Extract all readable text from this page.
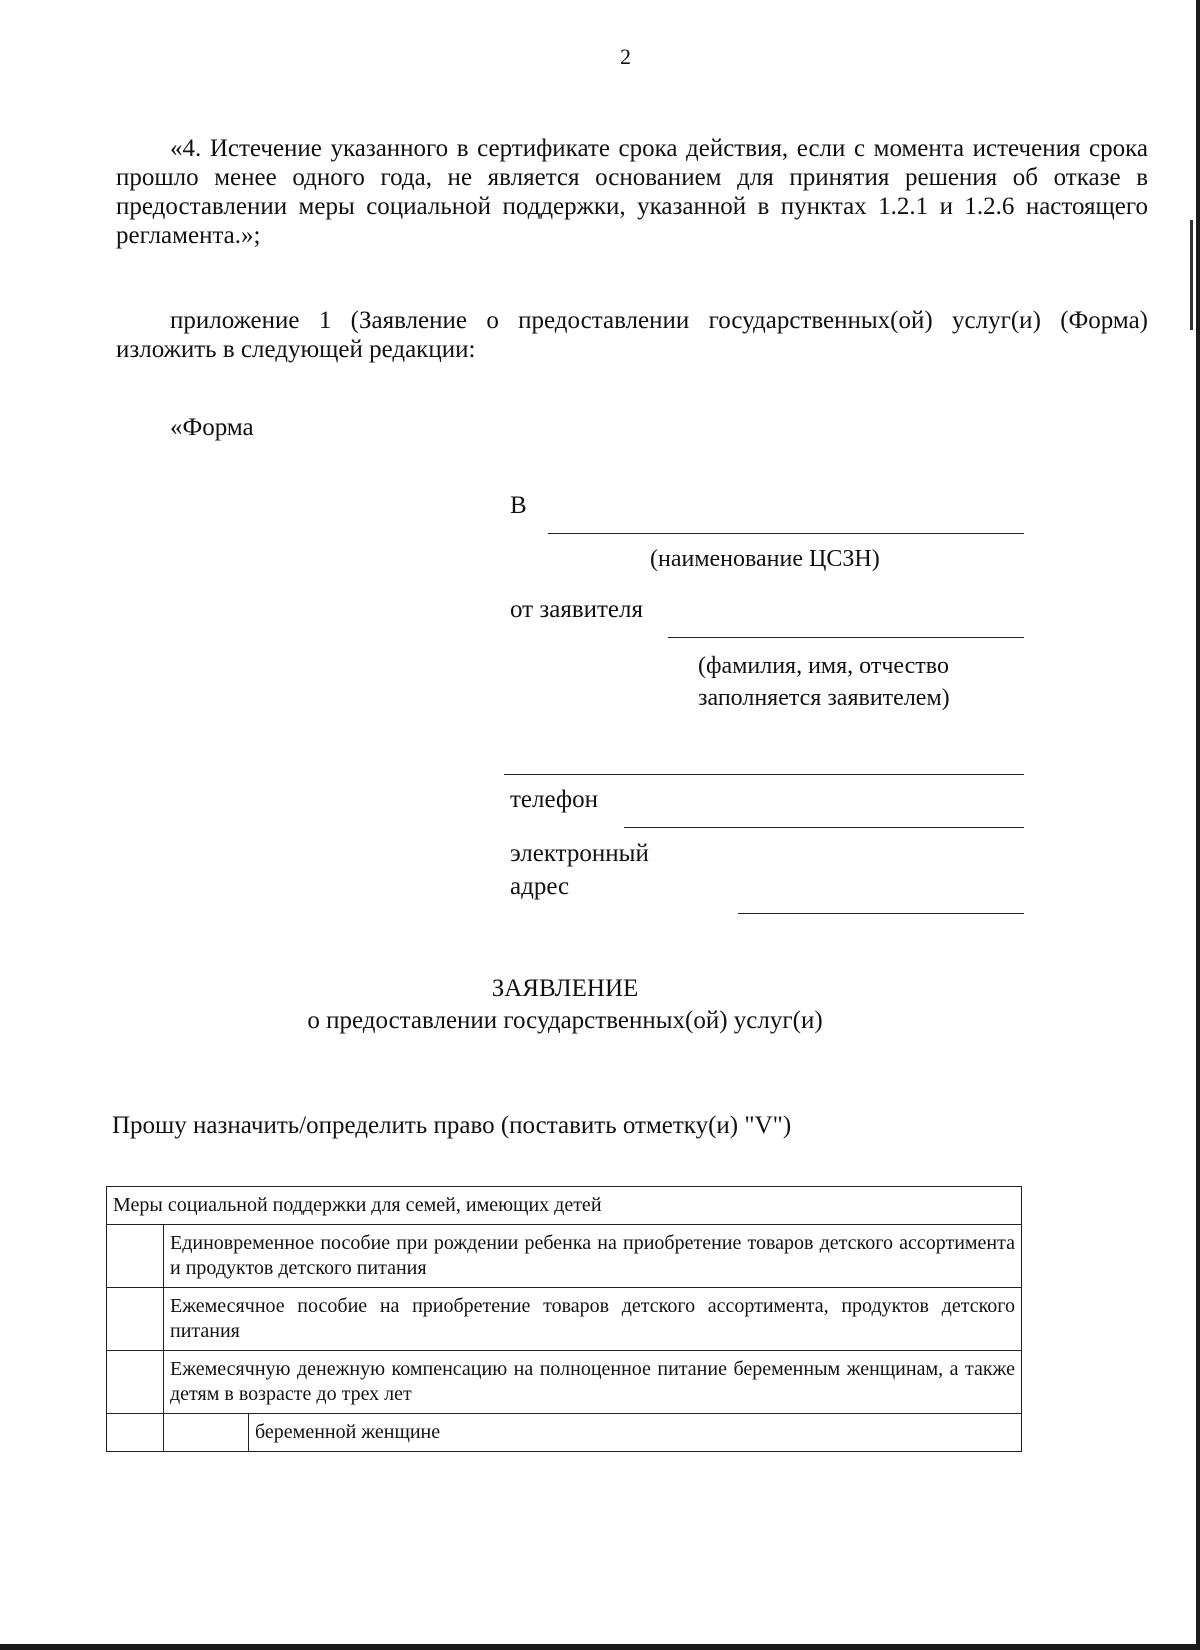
2
«4. Истечение указанного в сертификате срока действия, если с момента истечения срока прошло менее одного года, не является основанием для принятия решения об отказе в предоставлении меры социальной поддержки, указанной в пунктах 1.2.1 и 1.2.6 настоящего регламента.»;
приложение 1 (Заявление о предоставлении государственных(ой) услуг(и) (Форма) изложить в следующей редакции:
«Форма
В
(наименование ЦСЗН)
от заявителя
(фамилия, имя, отчество
заполняется заявителем)
телефон
электронный
адрес
ЗАЯВЛЕНИЕ
о предоставлении государственных(ой) услуг(и)
Прошу назначить/определить право (поставить отметку(и) "V")
Меры социальной поддержки для семей, имеющих детей		
	Единовременное пособие при рождении ребенка на приобретение товаров детского ассортимента и продуктов детского питания	
	Ежемесячное пособие на приобретение товаров детского ассортимента, продуктов детского питания	
	Ежемесячную денежную компенсацию на полноценное питание беременным женщинам, а также детям в возрасте до трех лет	
		беременной женщине
